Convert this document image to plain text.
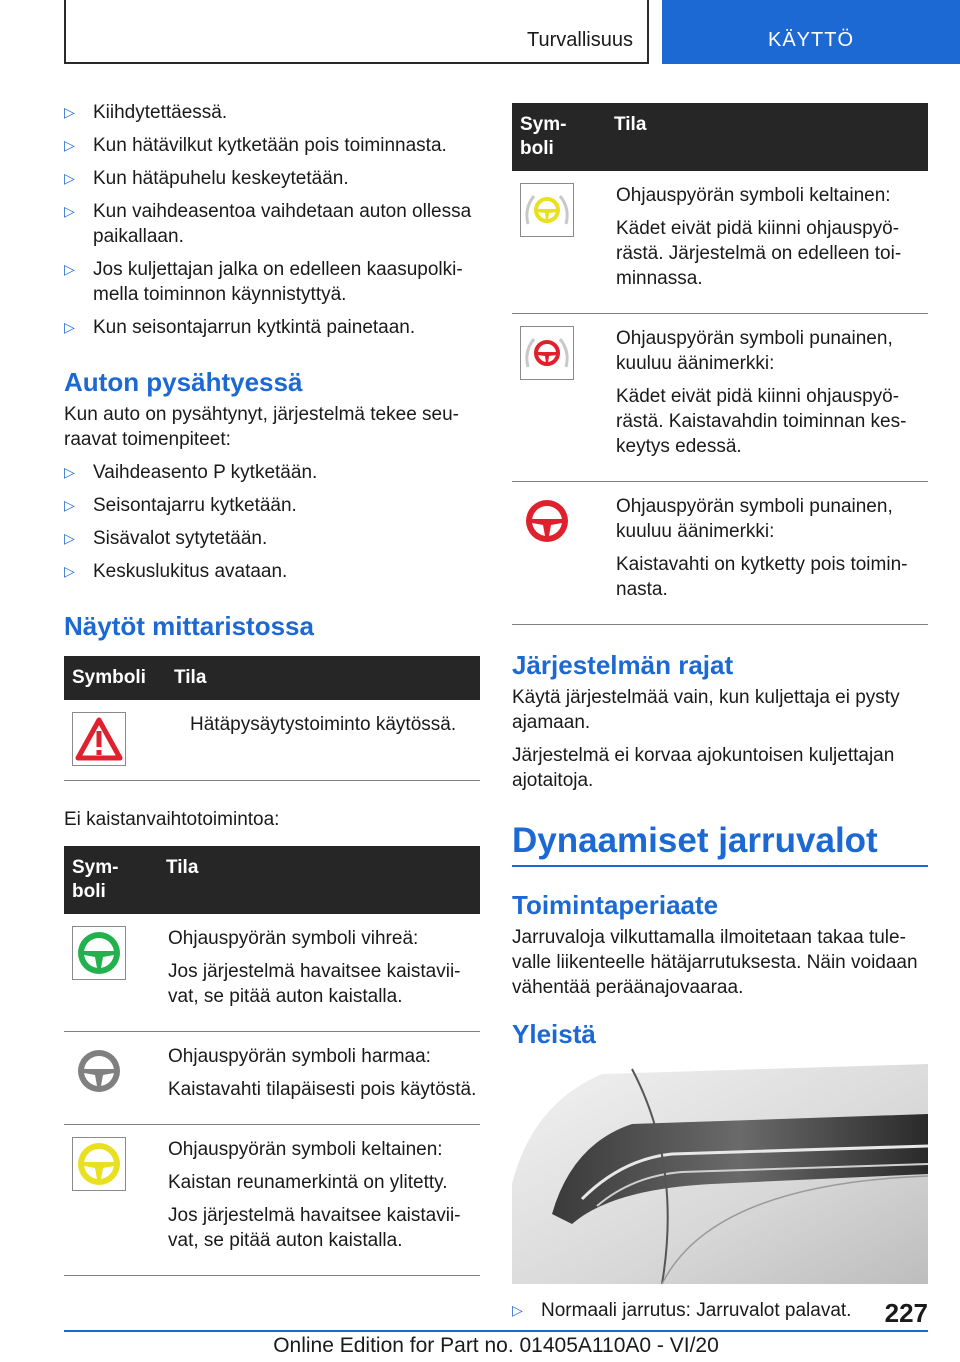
Turvallisuus	KÄYTTÖ
▷ Kiihdytettäessä.
▷ Kun hätävilkut kytketään pois toiminnasta.
▷ Kun hätäpuhelu keskeytetään.
▷ Kun vaihdeasentoa vaihdetaan auton ollessa paikallaan.
▷ Jos kuljettajan jalka on edelleen kaasupolki-mella toiminnon käynnistyttyä.
▷ Kun seisontajarrun kytkintä painetaan.
Auton pysähtyessä

Kun auto on pysähtynyt, järjestelmä tekee seu-raavat toimenpiteet:

▷ Vaihdeasento P kytketään.
▷ Seisontajarru kytketään.
▷ Sisävalot sytytetään.
▷ Keskuslukitus avataan.
Näytöt mittaristossa
Symboli	Tila

Hätäpysäytystoiminto käytössä.

Ei kaistanvaihtotoimintoa:

Sym-boli	Tila

Ohjauspyörän symboli vihreä:

Jos järjestelmä havaitsee kaistavii-vat, se pitää auton kaistalla.

Ohjauspyörän symboli harmaa:

Kaistavahti tilapäisesti pois käytöstä.

Ohjauspyörän symboli keltainen:

Kaistan reunamerkintä on ylitetty.

Jos järjestelmä havaitsee kaistavii-vat, se pitää auton kaistalla.

Sym-boli	Tila

Ohjauspyörän symboli keltainen:

Kädet eivät pidä kiinni ohjauspyö-rästä. Järjestelmä on edelleen toi-minnassa.

Ohjauspyörän symboli punainen, kuuluu äänimerkki:

Kädet eivät pidä kiinni ohjauspyö-rästä. Kaistavahdin toiminnan kes-keytys edessä.

Ohjauspyörän symboli punainen, kuuluu äänimerkki:

Kaistavahti on kytketty pois toimin-nasta.

Järjestelmän rajat

Käytä järjestelmää vain, kun kuljettaja ei pysty ajamaan.

Järjestelmä ei korvaa ajokuntoisen kuljettajan ajotaitoja.

Dynaamiset jarruvalot
Toimintaperiaate

Jarruvaloja vilkuttamalla ilmoitetaan takaa tule-valle liikenteelle hätäjarrutuksesta. Näin voidaan vähentää peräänajovaaraa.

Yleistä
▷ Normaali jarrutus: Jarruvalot palavat.	227
Online Edition for Part no. 01405A110A0 - VI/20
